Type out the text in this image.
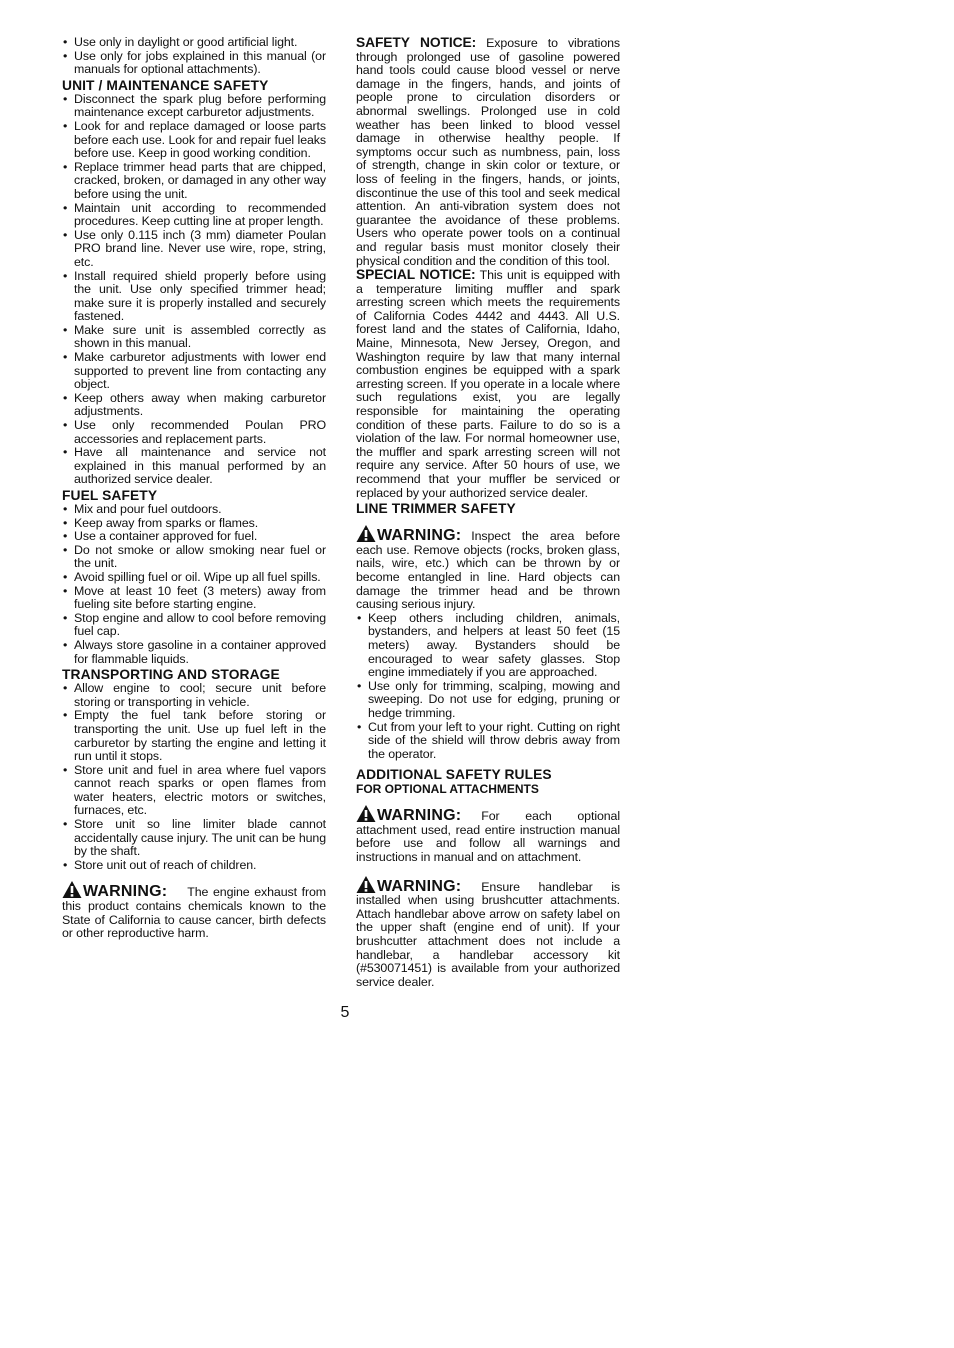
• Use only in daylight or good artificial light.
• Use only for jobs explained in this manual (or manuals for optional attachments).
UNIT / MAINTENANCE SAFETY
• Disconnect the spark plug before performing maintenance except carburetor adjustments.
• Look for and replace damaged or loose parts before each use. Look for and repair fuel leaks before use. Keep in good working condition.
• Replace trimmer head parts that are chipped, cracked, broken, or damaged in any other way before using the unit.
• Maintain unit according to recommended procedures. Keep cutting line at proper length.
• Use only 0.115 inch (3 mm) diameter Poulan PRO brand line. Never use wire, rope, string, etc.
• Install required shield properly before using the unit. Use only specified trimmer head; make sure it is properly installed and securely fastened.
• Make sure unit is assembled correctly as shown in this manual.
• Make carburetor adjustments with lower end supported to prevent line from contacting any object.
• Keep others away when making carburetor adjustments.
• Use only recommended Poulan PRO accessories and replacement parts.
• Have all maintenance and service not explained in this manual performed by an authorized service dealer.
FUEL SAFETY
• Mix and pour fuel outdoors.
• Keep away from sparks or flames.
• Use a container approved for fuel.
• Do not smoke or allow smoking near fuel or the unit.
• Avoid spilling fuel or oil. Wipe up all fuel spills.
• Move at least 10 feet (3 meters) away from fueling site before starting engine.
• Stop engine and allow to cool before removing fuel cap.
• Always store gasoline in a container approved for flammable liquids.
TRANSPORTING AND STORAGE
• Allow engine to cool; secure unit before storing or transporting in vehicle.
• Empty the fuel tank before storing or transporting the unit. Use up fuel left in the carburetor by starting the engine and letting it run until it stops.
• Store unit and fuel in area where fuel vapors cannot reach sparks or open flames from water heaters, electric motors or switches, furnaces, etc.
• Store unit so line limiter blade cannot accidentally cause injury. The unit can be hung by the shaft.
• Store unit out of reach of children.

WARNING: The engine exhaust from this product contains chemicals known to the State of California to cause cancer, birth defects or other reproductive harm.

SAFETY NOTICE: Exposure to vibrations through prolonged use of gasoline powered hand tools could cause blood vessel or nerve damage in the fingers, hands, and joints of people prone to circulation disorders or abnormal swellings. Prolonged use in cold weather has been linked to blood vessel damage in otherwise healthy people. If symptoms occur such as numbness, pain, loss of strength, change in skin color or texture, or loss of feeling in the fingers, hands, or joints, discontinue the use of this tool and seek medical attention. An anti-vibration system does not guarantee the avoidance of these problems. Users who operate power tools on a continual and regular basis must monitor closely their physical condition and the condition of this tool.

SPECIAL NOTICE: This unit is equipped with a temperature limiting muffler and spark arresting screen which meets the requirements of California Codes 4442 and 4443. All U.S. forest land and the states of California, Idaho, Maine, Minnesota, New Jersey, Oregon, and Washington require by law that many internal combustion engines be equipped with a spark arresting screen. If you operate in a locale where such regulations exist, you are legally responsible for maintaining the operating condition of these parts. Failure to do so is a violation of the law. For normal homeowner use, the muffler and spark arresting screen will not require any service. After 50 hours of use, we recommend that your muffler be serviced or replaced by your authorized service dealer.

LINE TRIMMER SAFETY

WARNING: Inspect the area before each use. Remove objects (rocks, broken glass, nails, wire, etc.) which can be thrown by or become entangled in line. Hard objects can damage the trimmer head and be thrown causing serious injury.

• Keep others including children, animals, bystanders, and helpers at least 50 feet (15 meters) away. Bystanders should be encouraged to wear safety glasses. Stop engine immediately if you are approached.
• Use only for trimming, scalping, mowing and sweeping. Do not use for edging, pruning or hedge trimming.
• Cut from your left to your right. Cutting on right side of the shield will throw debris away from the operator.
ADDITIONAL SAFETY RULES
FOR OPTIONAL ATTACHMENTS

WARNING: For each optional attachment used, read entire instruction manual before use and follow all warnings and instructions in manual and on attachment.

WARNING: Ensure handlebar is installed when using brushcutter attachments. Attach handlebar above arrow on safety label on the upper shaft (engine end of unit). If your brushcutter attachment does not include a handlebar, a handlebar accessory kit (#530071451) is available from your authorized service dealer.

5
